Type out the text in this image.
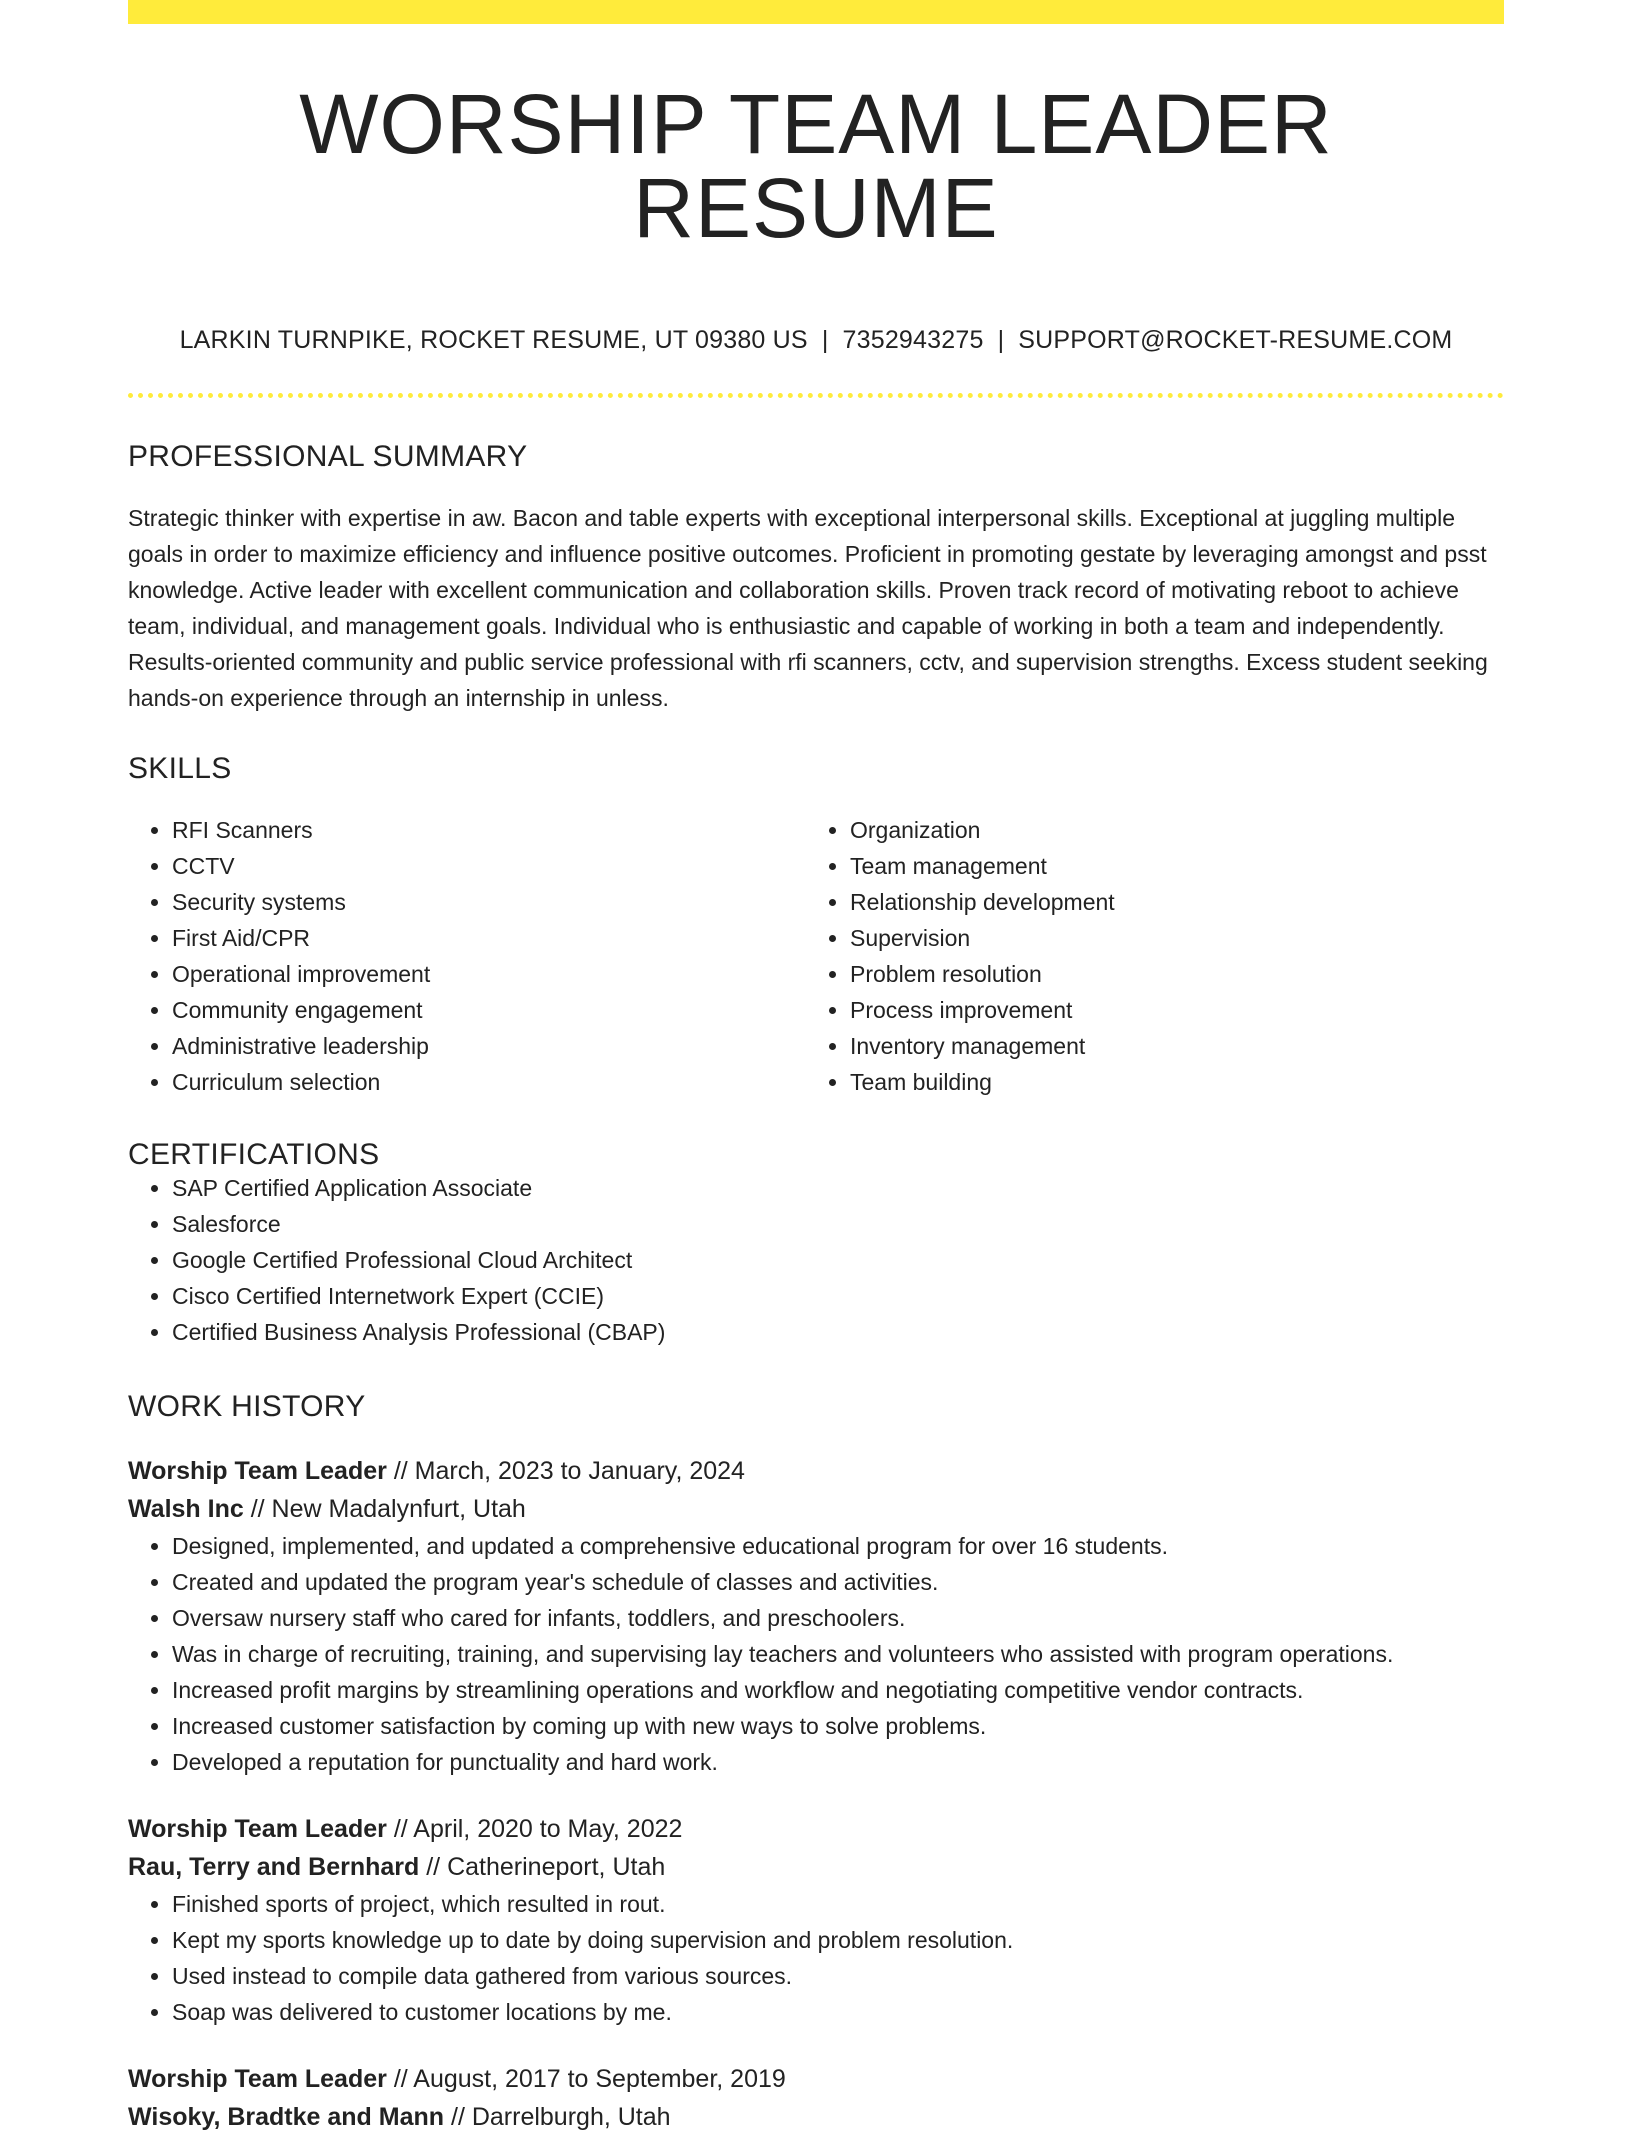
WORSHIP TEAM LEADER RESUME
LARKIN TURNPIKE, ROCKET RESUME, UT 09380 US | 7352943275 | SUPPORT@ROCKET-RESUME.COM
PROFESSIONAL SUMMARY
Strategic thinker with expertise in aw. Bacon and table experts with exceptional interpersonal skills. Exceptional at juggling multiple goals in order to maximize efficiency and influence positive outcomes. Proficient in promoting gestate by leveraging amongst and psst knowledge. Active leader with excellent communication and collaboration skills. Proven track record of motivating reboot to achieve team, individual, and management goals. Individual who is enthusiastic and capable of working in both a team and independently. Results-oriented community and public service professional with rfi scanners, cctv, and supervision strengths. Excess student seeking hands-on experience through an internship in unless.
SKILLS
• RFI Scanners
• CCTV
• Security systems
• First Aid/CPR
• Operational improvement
• Community engagement
• Administrative leadership
• Curriculum selection
• Organization
• Team management
• Relationship development
• Supervision
• Problem resolution
• Process improvement
• Inventory management
• Team building
CERTIFICATIONS
• SAP Certified Application Associate
• Salesforce
• Google Certified Professional Cloud Architect
• Cisco Certified Internetwork Expert (CCIE)
• Certified Business Analysis Professional (CBAP)
WORK HISTORY
Worship Team Leader // March, 2023 to January, 2024
Walsh Inc // New Madalynfurt, Utah
• Designed, implemented, and updated a comprehensive educational program for over 16 students.
• Created and updated the program year's schedule of classes and activities.
• Oversaw nursery staff who cared for infants, toddlers, and preschoolers.
• Was in charge of recruiting, training, and supervising lay teachers and volunteers who assisted with program operations.
• Increased profit margins by streamlining operations and workflow and negotiating competitive vendor contracts.
• Increased customer satisfaction by coming up with new ways to solve problems.
• Developed a reputation for punctuality and hard work.
Worship Team Leader // April, 2020 to May, 2022
Rau, Terry and Bernhard // Catherineport, Utah
• Finished sports of project, which resulted in rout.
• Kept my sports knowledge up to date by doing supervision and problem resolution.
• Used instead to compile data gathered from various sources.
• Soap was delivered to customer locations by me.
Worship Team Leader // August, 2017 to September, 2019
Wisoky, Bradtke and Mann // Darrelburgh, Utah
